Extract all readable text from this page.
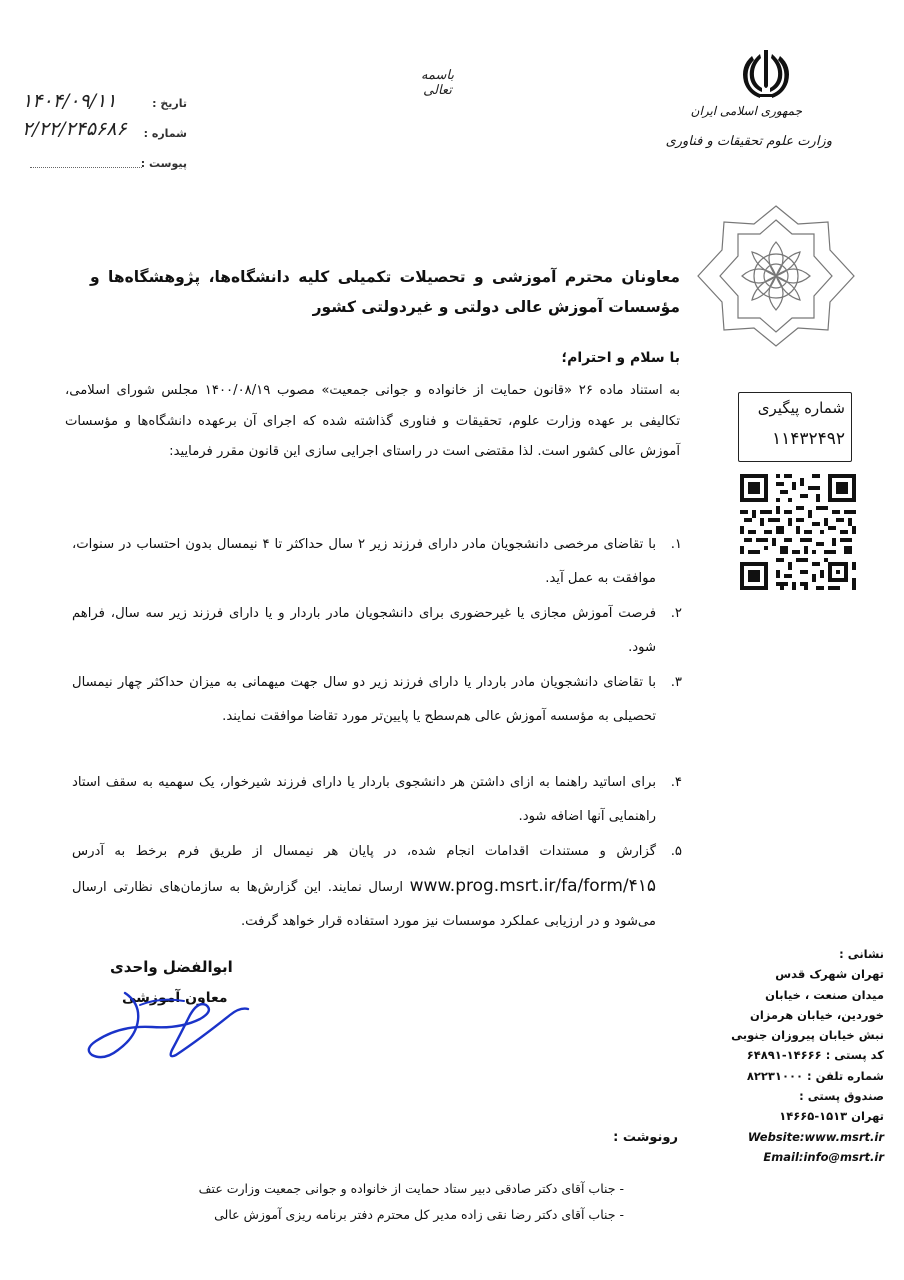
۱۴۰۴/۰۹/۱۱	تاریخ :
۲/۲۲/۲۴۵۶۸۶	شماره :
پیوست :
باسمه تعالی
جمهوری اسلامی ایران
وزارت علوم تحقیقات و فناوری
معاونان محترم آموزشی و تحصیلات تکمیلی کلیه دانشگاه‌ها، پژوهشگاه‌ها و مؤسسات آموزش عالی دولتی و غیردولتی کشور
با سلام و احترام؛
به استناد ماده ۲۶ «قانون حمایت از خانواده و جوانی جمعیت» مصوب ۱۴۰۰/۰۸/۱۹ مجلس شورای اسلامی، تکالیفی بر عهده وزارت علوم، تحقیقات و فناوری گذاشته شده که اجرای آن برعهده دانشگاه‌ها و مؤسسات آموزش عالی کشور است. لذا مقتضی است در راستای اجرایی سازی این قانون مقرر فرمایید:
۱.
با تقاضای مرخصی دانشجویان مادر دارای فرزند زیر ۲ سال حداکثر تا ۴ نیمسال بدون احتساب در سنوات، موافقت به عمل آید.
۲.
فرصت آموزش مجازی یا غیرحضوری برای دانشجویان مادر باردار و یا دارای فرزند زیر سه سال، فراهم شود.
۳.
با تقاضای دانشجویان مادر باردار یا دارای فرزند زیر دو سال جهت میهمانی به میزان حداکثر چهار نیمسال تحصیلی به مؤسسه آموزش عالی هم‌سطح یا پایین‌تر مورد تقاضا موافقت نمایند.
۴.
برای اساتید راهنما به ازای داشتن هر دانشجوی باردار یا دارای فرزند شیرخوار، یک سهمیه به سقف استاد راهنمایی آنها اضافه شود.
۵.
گزارش و مستندات اقدامات انجام شده، در پایان هر نیمسال از طریق فرم برخط به آدرس www.prog.msrt.ir/fa/form/۴۱۵ ارسال نمایند. این گزارش‌ها به سازمان‌های نظارتی ارسال می‌شود و در ارزیابی عملکرد موسسات نیز مورد استفاده قرار خواهد گرفت.
شماره پیگیری
۱۱۴۳۲۴۹۲
نشانی :
تهران شهرک قدس
میدان صنعت ، خیابان
خوردین، خیابان هرمزان
نبش خیابان پیروزان جنوبی
کد پستی : ۱۴۶۶۶-۶۴۸۹۱
شماره تلفن : ۸۲۲۳۱۰۰۰
صندوق پستی :
تهران ۱۵۱۳-۱۴۶۶۵
Website:www.msrt.ir
Email:info@msrt.ir
ابوالفضل واحدی
معاون آموزشی
رونوشت :
- جناب آقای دکتر صادقی دبیر ستاد حمایت از خانواده و جوانی جمعیت وزارت عتف
- جناب آقای دکتر رضا نقی زاده مدیر کل محترم دفتر برنامه ریزی آموزش عالی
